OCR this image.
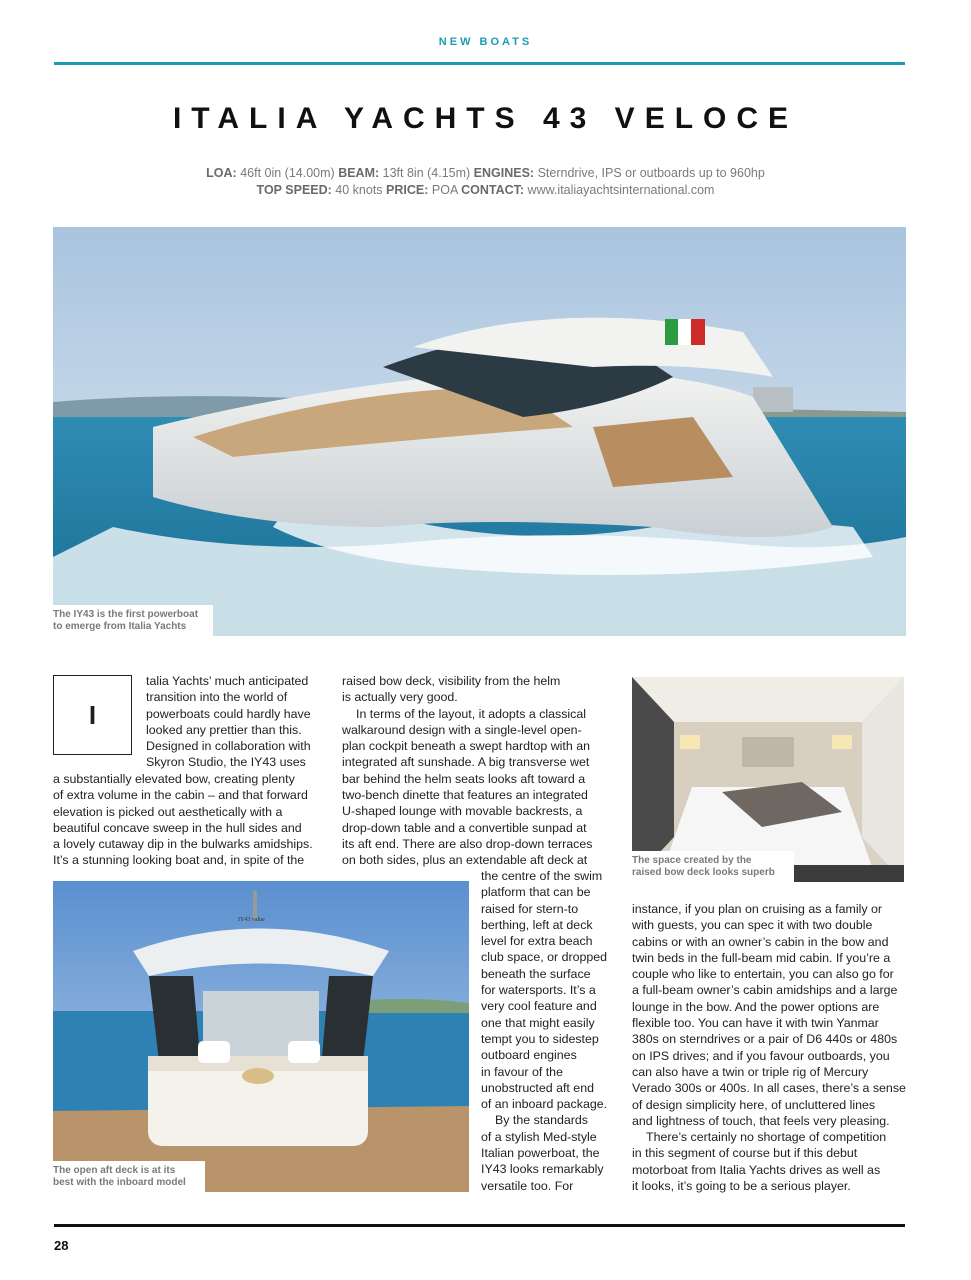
NEW BOATS
ITALIA YACHTS 43 VELOCE
LOA: 46ft 0in (14.00m) BEAM: 13ft 8in (4.15m) ENGINES: Sterndrive, IPS or outboards up to 960hp
TOP SPEED: 40 knots PRICE: POA CONTACT: www.italiayachtsinternational.com
The IY43 is the first powerboat
to emerge from Italia Yachts
I
talia Yachts’ much anticipated
transition into the world of
powerboats could hardly have
looked any prettier than this.
Designed in collaboration with
Skyron Studio, the IY43 uses
a substantially elevated bow, creating plenty
of extra volume in the cabin – and that forward
elevation is picked out aesthetically with a
beautiful concave sweep in the hull sides and
a lovely cutaway dip in the bulwarks amidships.
It’s a stunning looking boat and, in spite of the
raised bow deck, visibility from the helm
is actually very good.
In terms of the layout, it adopts a classical
walkaround design with a single-level open-
plan cockpit beneath a swept hardtop with an
integrated aft sunshade. A big transverse wet
bar behind the helm seats looks aft toward a
two-bench dinette that features an integrated
U-shaped lounge with movable backrests, a
drop-down table and a convertible sunpad at
its aft end. There are also drop-down terraces
on both sides, plus an extendable aft deck at
the centre of the swim
platform that can be
raised for stern-to
berthing, left at deck
level for extra beach
club space, or dropped
beneath the surface
for watersports. It’s a
very cool feature and
one that might easily
tempt you to sidestep
outboard engines
in favour of the
unobstructed aft end
of an inboard package.
By the standards
of a stylish Med-style
Italian powerboat, the
IY43 looks remarkably
versatile too. For
The space created by the
raised bow deck looks superb
IY43 value
The open aft deck is at its
best with the inboard model
instance, if you plan on cruising as a family or
with guests, you can spec it with two double
cabins or with an owner’s cabin in the bow and
twin beds in the full-beam mid cabin. If you’re a
couple who like to entertain, you can also go for
a full-beam owner’s cabin amidships and a large
lounge in the bow. And the power options are
flexible too. You can have it with twin Yanmar
380s on sterndrives or a pair of D6 440s or 480s
on IPS drives; and if you favour outboards, you
can also have a twin or triple rig of Mercury
Verado 300s or 400s. In all cases, there’s a sense
of design simplicity here, of uncluttered lines
and lightness of touch, that feels very pleasing.
There’s certainly no shortage of competition
in this segment of course but if this debut
motorboat from Italia Yachts drives as well as
it looks, it’s going to be a serious player.
28
